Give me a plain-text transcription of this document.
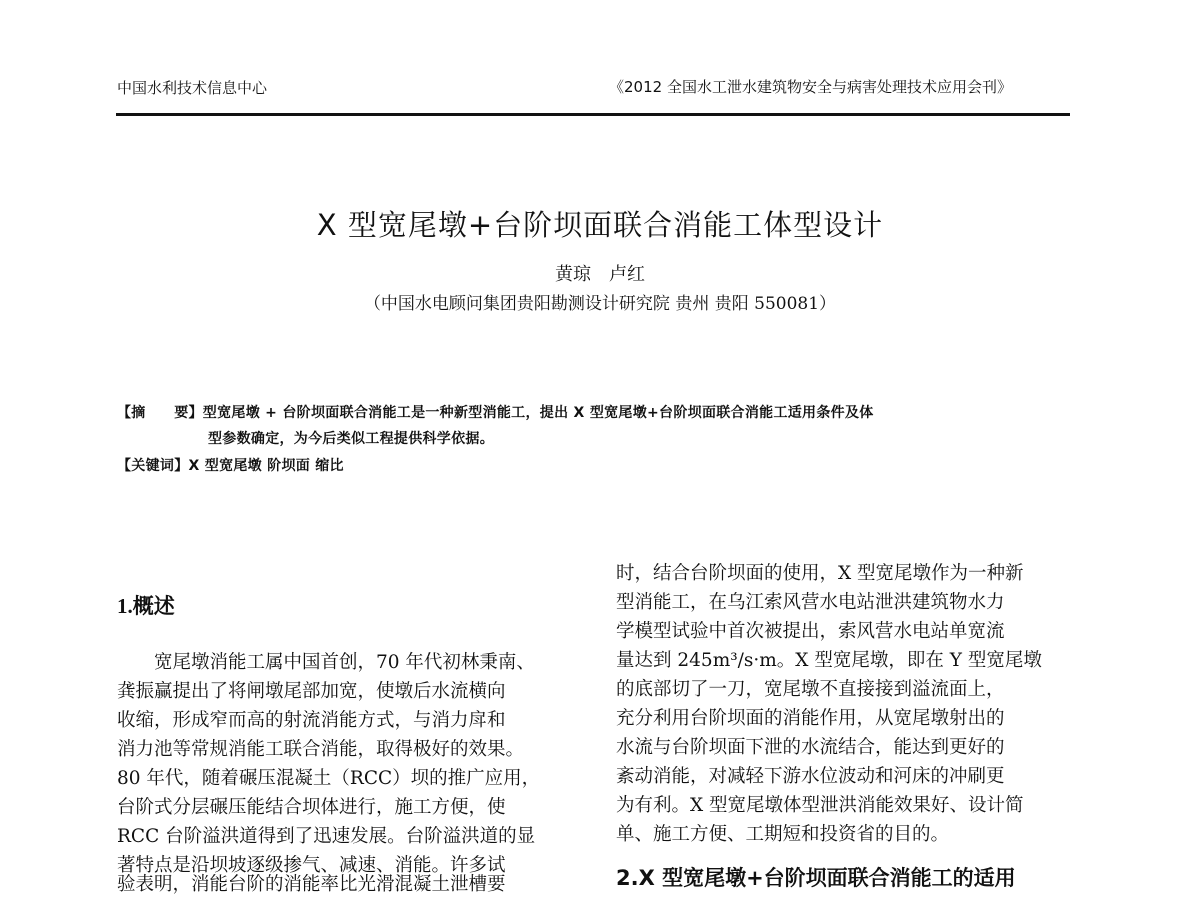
中国水利技术信息中心	《2012 全国水工泄水建筑物安全与病害处理技术应用会刊》
X 型宽尾墩+台阶坝面联合消能工体型设计
黄琼　卢红
（中国水电顾问集团贵阳勘测设计研究院 贵州 贵阳 550081）
【摘　　要】型宽尾墩 + 台阶坝面联合消能工是一种新型消能工，提出 X 型宽尾墩+台阶坝面联合消能工适用条件及体
型参数确定，为今后类似工程提供科学依据。
【关键词】X 型宽尾墩 阶坝面 缩比
1.概述
　　宽尾墩消能工属中国首创，70 年代初林秉南、
龚振赢提出了将闸墩尾部加宽，使墩后水流横向
收缩，形成窄而高的射流消能方式，与消力戽和
消力池等常规消能工联合消能，取得极好的效果。
80 年代，随着碾压混凝土（RCC）坝的推广应用，
台阶式分层碾压能结合坝体进行，施工方便，使
RCC 台阶溢洪道得到了迅速发展。台阶溢洪道的显
著特点是沿坝坡逐级掺气、减速、消能。许多试
验表明，消能台阶的消能率比光滑混凝土泄槽要
时，结合台阶坝面的使用，X 型宽尾墩作为一种新
型消能工，在乌江索风营水电站泄洪建筑物水力
学模型试验中首次被提出，索风营水电站单宽流
量达到 245m³/s·m。X 型宽尾墩，即在 Y 型宽尾墩
的底部切了一刀，宽尾墩不直接接到溢流面上，
充分利用台阶坝面的消能作用，从宽尾墩射出的
水流与台阶坝面下泄的水流结合，能达到更好的
紊动消能，对减轻下游水位波动和河床的冲刷更
为有利。X 型宽尾墩体型泄洪消能效果好、设计简
单、施工方便、工期短和投资省的目的。
2.X 型宽尾墩+台阶坝面联合消能工的适用
